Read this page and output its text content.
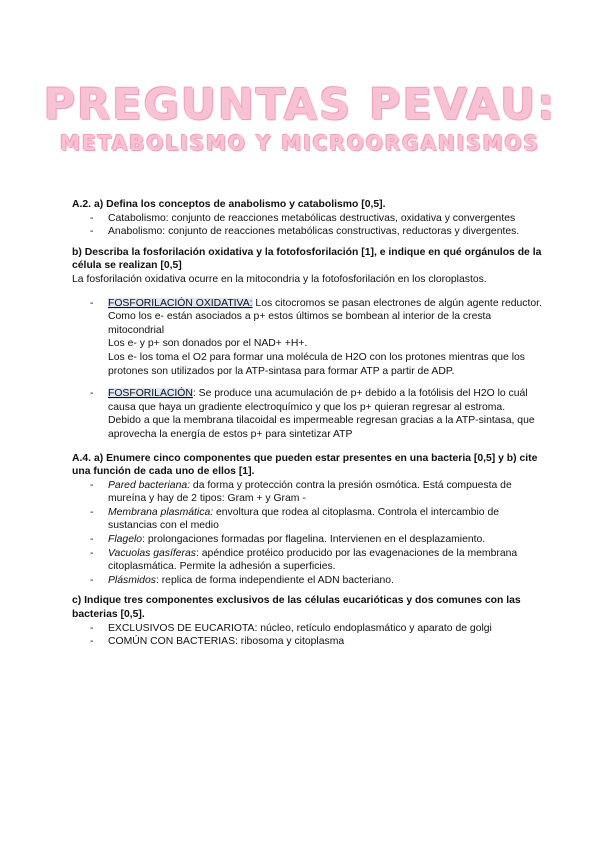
PREGUNTAS PEVAU:
METABOLISMO Y MICROORGANISMOS

A.2. a) Defina los conceptos de anabolismo y catabolismo [0,5].

- Catabolismo: conjunto de reacciones metabólicas destructivas, oxidativa y convergentes
- Anabolismo: conjunto de reacciones metabólicas constructivas, reductoras y divergentes.

b) Describa la fosforilación oxidativa y la fotofosforilación [1], e indique en qué orgánulos de la célula se realizan [0,5]

La fosforilación oxidativa ocurre en la mitocondria y la fotofosforilación en los cloroplastos.

- FOSFORILACIÓN OXIDATIVA: Los citocromos se pasan electrones de algún agente reductor. Como los e- están asociados a p+ estos últimos se bombean al interior de la cresta mitocondrial
Los e- y p+ son donados por el NAD+ +H+.
Los e- los toma el O2 para formar una molécula de H2O con los protones mientras que los protones son utilizados por la ATP-sintasa para formar ATP a partir de ADP.
- FOSFORILACIÓN: Se produce una acumulación de p+ debido a la fotólisis del H2O lo cuál causa que haya un gradiente electroquímico y que los p+ quieran regresar al estroma.
Debido a que la membrana tilacoidal es impermeable regresan gracias a la ATP-sintasa, que aprovecha la energía de estos p+ para sintetizar ATP

A.4. a) Enumere cinco componentes que pueden estar presentes en una bacteria [0,5] y b) cite una función de cada uno de ellos [1].

- Pared bacteriana: da forma y protección contra la presión osmótica. Está compuesta de mureína y hay de 2 tipos: Gram + y Gram -
- Membrana plasmática: envoltura que rodea al citoplasma. Controla el intercambio de sustancias con el medio
- Flagelo: prolongaciones formadas por flagelina. Intervienen en el desplazamiento.
- Vacuolas gasíferas: apéndice protéico producido por las evagenaciones de la membrana citoplasmática. Permite la adhesión a superficies.
- Plásmidos: replica de forma independiente el ADN bacteriano.

c) Indique tres componentes exclusivos de las células eucarióticas y dos comunes con las bacterias [0,5].

- EXCLUSIVOS DE EUCARIOTA: núcleo, retículo endoplasmático y aparato de golgi
- COMÚN CON BACTERIAS: ribosoma y citoplasma
